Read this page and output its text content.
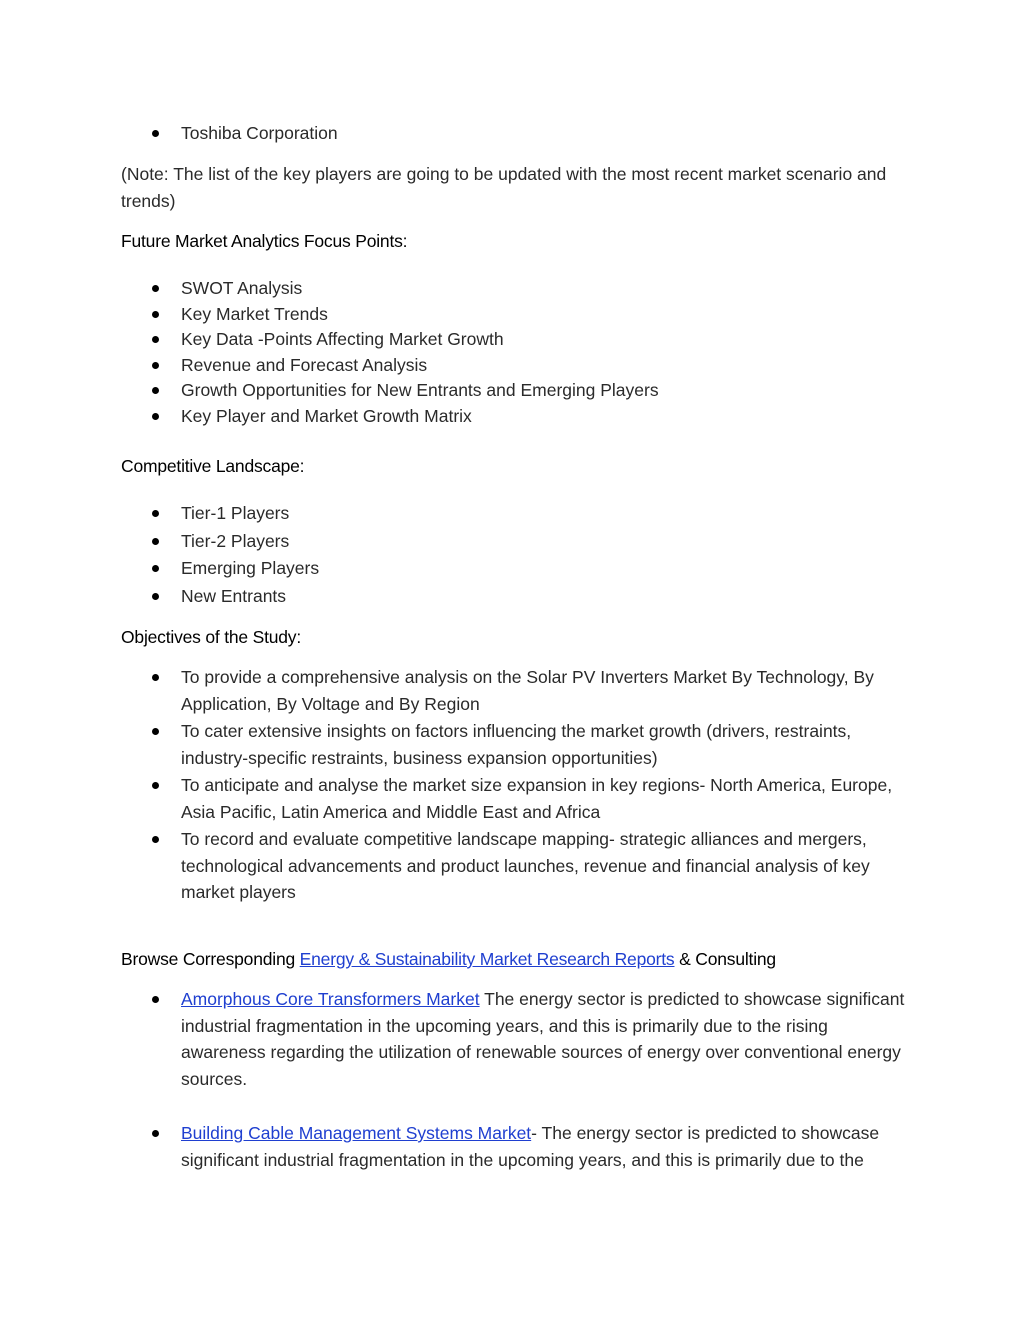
Toshiba Corporation
(Note: The list of the key players are going to be updated with the most recent market scenario and trends)
Future Market Analytics Focus Points:
SWOT Analysis
Key Market Trends
Key Data -Points Affecting Market Growth
Revenue and Forecast Analysis
Growth Opportunities for New Entrants and Emerging Players
Key Player and Market Growth Matrix
Competitive Landscape:
Tier-1 Players
Tier-2 Players
Emerging Players
New Entrants
Objectives of the Study:
To provide a comprehensive analysis on the Solar PV Inverters Market By Technology, By Application, By Voltage and By Region
To cater extensive insights on factors influencing the market growth (drivers, restraints, industry-specific restraints, business expansion opportunities)
To anticipate and analyse the market size expansion in key regions- North America, Europe, Asia Pacific, Latin America and Middle East and Africa
To record and evaluate competitive landscape mapping- strategic alliances and mergers, technological advancements and product launches, revenue and financial analysis of key market players
Browse Corresponding Energy & Sustainability Market Research Reports & Consulting
Amorphous Core Transformers Market The energy sector is predicted to showcase significant industrial fragmentation in the upcoming years, and this is primarily due to the rising awareness regarding the utilization of renewable sources of energy over conventional energy sources.
Building Cable Management Systems Market- The energy sector is predicted to showcase significant industrial fragmentation in the upcoming years, and this is primarily due to the
